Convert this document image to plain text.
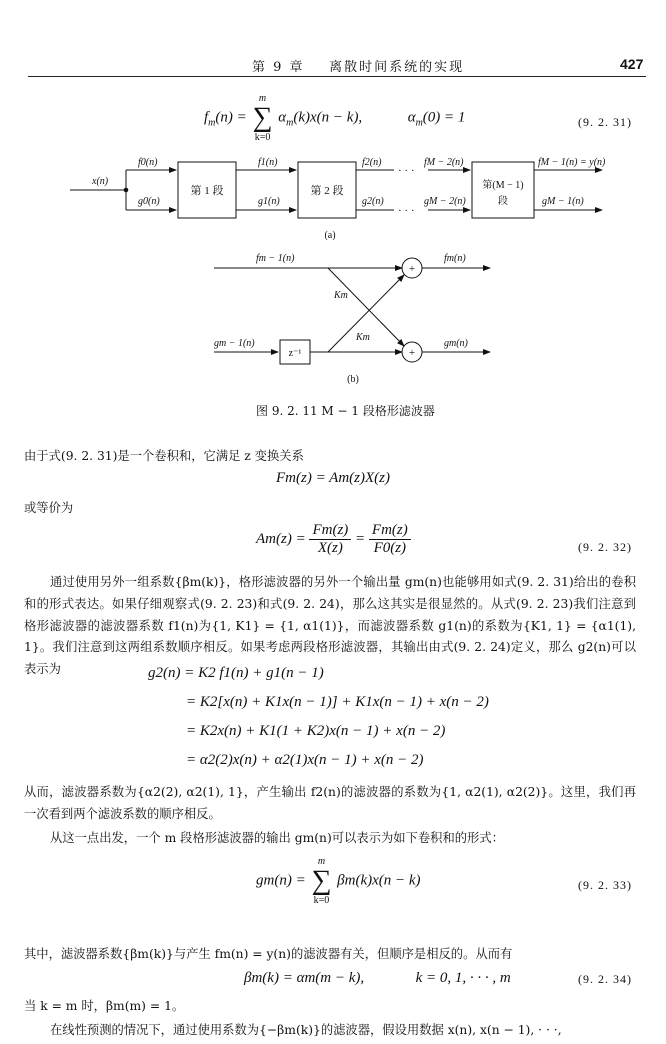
第 9 章 离散时间系统的实现	427
$f_m(n)$ =
m
∑
k=0
$\alpha_m(k)x(n - k)$,	$\alpha_m(0) = 1$	(9. 2. 31)
x(n)
f0(n)
g0(n)
f1(n)
g1(n)
f2(n)
g2(n)
fM − 2(n)
gM − 2(n)
fM − 1(n) = y(n)
gM − 1(n)
第 1 段	第 2 段	第(M − 1)
段
· · ·
· · ·
(a)
fm − 1(n)	fm(n)
gm − 1(n)	gm(n)
Km
Km
z⁻¹
+
+
(b)
图 9. 2. 11 M − 1 段格形滤波器
由于式(9. 2. 31)是一个卷积和，它满足 z 变换关系
Fm(z) = Am(z)X(z)
或等价为
$Am(z) = \frac{Fm(z)}{X(z)} = \frac{Fm(z)}{F0(z)}$	(9. 2. 32)
通过使用另外一组系数{βm(k)}，格形滤波器的另外一个输出量 gm(n)也能够用如式(9. 2. 31)给出的卷积和的形式表达。如果仔细观察式(9. 2. 23)和式(9. 2. 24)，那么这其实是很显然的。从式(9. 2. 23)我们注意到格形滤波器的滤波器系数 f1(n)为{1, K1} = {1, α1(1)}，而滤波器系数 g1(n)的系数为{K1, 1} = {α1(1), 1}。我们注意到这两组系数顺序相反。如果考虑两段格形滤波器，其输出由式(9. 2. 24)定义，那么 g2(n)可以表示为	g2(n) = K2 f1(n) + g1(n − 1)
= K2[x(n) + K1x(n − 1)] + K1x(n − 1) + x(n − 2)
= K2x(n) + K1(1 + K2)x(n − 1) + x(n − 2)
= α2(2)x(n) + α2(1)x(n − 1) + x(n − 2)
从而，滤波器系数为{α2(2), α2(1), 1}，产生输出 f2(n)的滤波器的系数为{1, α2(1), α2(2)}。这里，我们再一次看到两个滤波系数的顺序相反。
从这一点出发，一个 m 段格形滤波器的输出 gm(n)可以表示为如下卷积和的形式：
gm(n) =
m
∑
k=0
βm(k)x(n − k)	(9. 2. 33)
其中，滤波器系数{βm(k)}与产生 fm(n) = y(n)的滤波器有关，但顺序是相反的。从而有
βm(k) = αm(m − k),	k = 0, 1, · · · , m	(9. 2. 34)
当 k = m 时，βm(m) = 1。
在线性预测的情况下，通过使用系数为{−βm(k)}的滤波器，假设用数据 x(n), x(n − 1), · · ·,
